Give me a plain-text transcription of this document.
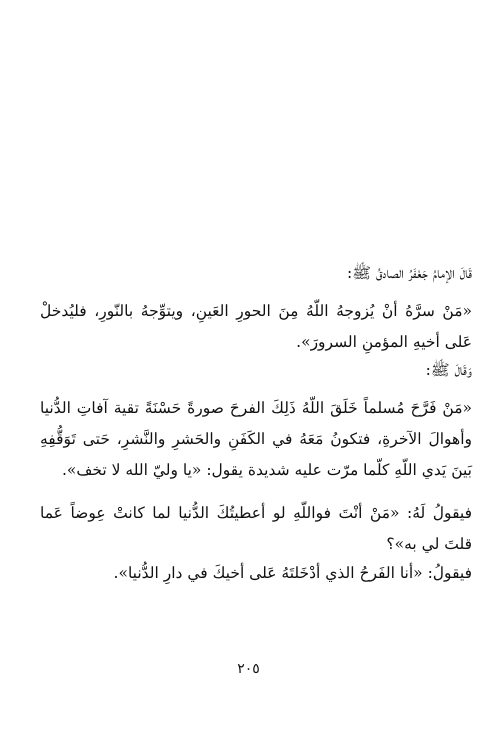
قَالَ الإمامُ جَعْفَرُ الصادقُ ﷺ:
«مَنْ سرَّهُ أنْ يُزوجهُ اللّهُ مِنَ الحورِ العَينِ، ويتوِّجهُ بالنّورِ، فليُدخلْ عَلى أخيهِ المؤمنِ السرورَ».
وَقَالَ ﷺ:
«مَنْ فَرَّحَ مُسلماً خَلَقَ اللّهُ ذَلِكَ الفرحَ صورةً حَسْنَةً تقية آفاتِ الدُّنيا وأهوالَ الآخرةِ، فتكونُ مَعَهُ في الكَفَنِ والحَشرِ والنَّشرِ، حَتى تَوَقُّفِهِ بَينَ يَدي اللّهِ كلّما مرّت عليه شديدة يقول: «يا وليّ الله لا تخف».
فيقولُ لَهُ: «مَنْ أنْتَ فواللّهِ لو أعطيتُكَ الدُّنيا لما كانتْ عِوضاً عَما قلتَ لي به»؟
فيقولُ: «أنا الفَرحُ الذي أدْخَلتَهُ عَلى أخيكَ في دارِ الدُّنيا».
٢٠٥
